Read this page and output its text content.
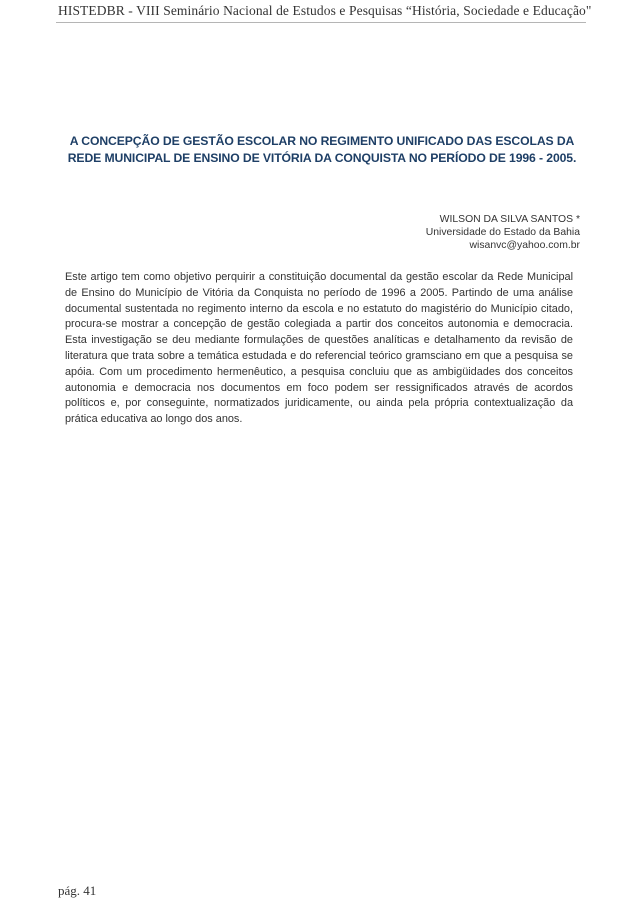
HISTEDBR - VIII Seminário Nacional de Estudos e Pesquisas “História, Sociedade e Educação"
A CONCEPÇÃO DE GESTÃO ESCOLAR NO REGIMENTO UNIFICADO DAS ESCOLAS DA REDE MUNICIPAL DE ENSINO DE VITÓRIA DA CONQUISTA NO PERÍODO DE 1996 - 2005.
WILSON DA SILVA SANTOS *
Universidade do Estado da Bahia
wisanvc@yahoo.com.br

Este artigo tem como objetivo perquirir a constituição documental da gestão escolar da Rede Municipal de Ensino do Município de Vitória da Conquista no período de 1996 a 2005. Partindo de uma análise documental sustentada no regimento interno da escola e no estatuto do magistério do Município citado, procura-se mostrar a concepção de gestão colegiada a partir dos conceitos autonomia e democracia. Esta investigação se deu mediante formulações de questões analíticas e detalhamento da revisão de literatura que trata sobre a temática estudada e do referencial teórico gramsciano em que a pesquisa se apóia. Com um procedimento hermenêutico, a pesquisa concluiu que as ambigüidades dos conceitos autonomia e democracia nos documentos em foco podem ser ressignificados através de acordos políticos e, por conseguinte, normatizados juridicamente, ou ainda pela própria contextualização da prática educativa ao longo dos anos.

pág. 41
